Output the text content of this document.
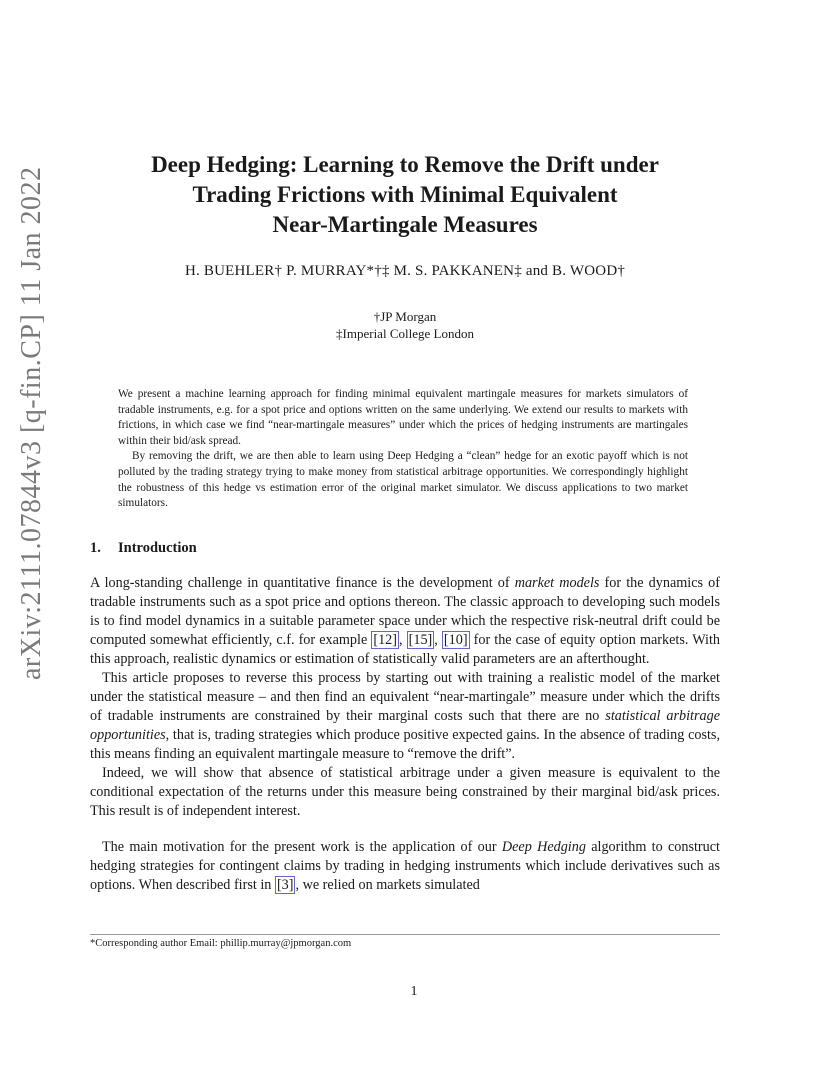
arXiv:2111.07844v3 [q-fin.CP] 11 Jan 2022
Deep Hedging: Learning to Remove the Drift under
Trading Frictions with Minimal Equivalent
Near-Martingale Measures
H. BUEHLER† P. MURRAY*†‡ M. S. PAKKANEN‡ and B. WOOD†
†JP Morgan
‡Imperial College London

We present a machine learning approach for finding minimal equivalent martingale measures for markets simulators of tradable instruments, e.g. for a spot price and options written on the same underlying. We extend our results to markets with frictions, in which case we find “near-martingale measures” under which the prices of hedging instruments are martingales within their bid/ask spread.

By removing the drift, we are then able to learn using Deep Hedging a “clean” hedge for an exotic payoff which is not polluted by the trading strategy trying to make money from statistical arbitrage opportunities. We correspondingly highlight the robustness of this hedge vs estimation error of the original market simulator. We discuss applications to two market simulators.

1. Introduction

A long-standing challenge in quantitative finance is the development of market models for the dynamics of tradable instruments such as a spot price and options thereon. The classic approach to developing such models is to find model dynamics in a suitable parameter space under which the respective risk-neutral drift could be computed somewhat efficiently, c.f. for example [12] , [15] , [10] for the case of equity option markets. With this approach, realistic dynamics or estimation of statistically valid parameters are an afterthought.

This article proposes to reverse this process by starting out with training a realistic model of the market under the statistical measure – and then find an equivalent “near-martingale” measure under which the drifts of tradable instruments are constrained by their marginal costs such that there are no statistical arbitrage opportunities, that is, trading strategies which produce positive expected gains. In the absence of trading costs, this means finding an equivalent martingale measure to “remove the drift”.

Indeed, we will show that absence of statistical arbitrage under a given measure is equivalent to the conditional expectation of the returns under this measure being constrained by their marginal bid/ask prices. This result is of independent interest.

The main motivation for the present work is the application of our Deep Hedging algorithm to construct hedging strategies for contingent claims by trading in hedging instruments which include derivatives such as options. When described first in [3] , we relied on markets simulated

*Corresponding author Email: phillip.murray@jpmorgan.com
1
